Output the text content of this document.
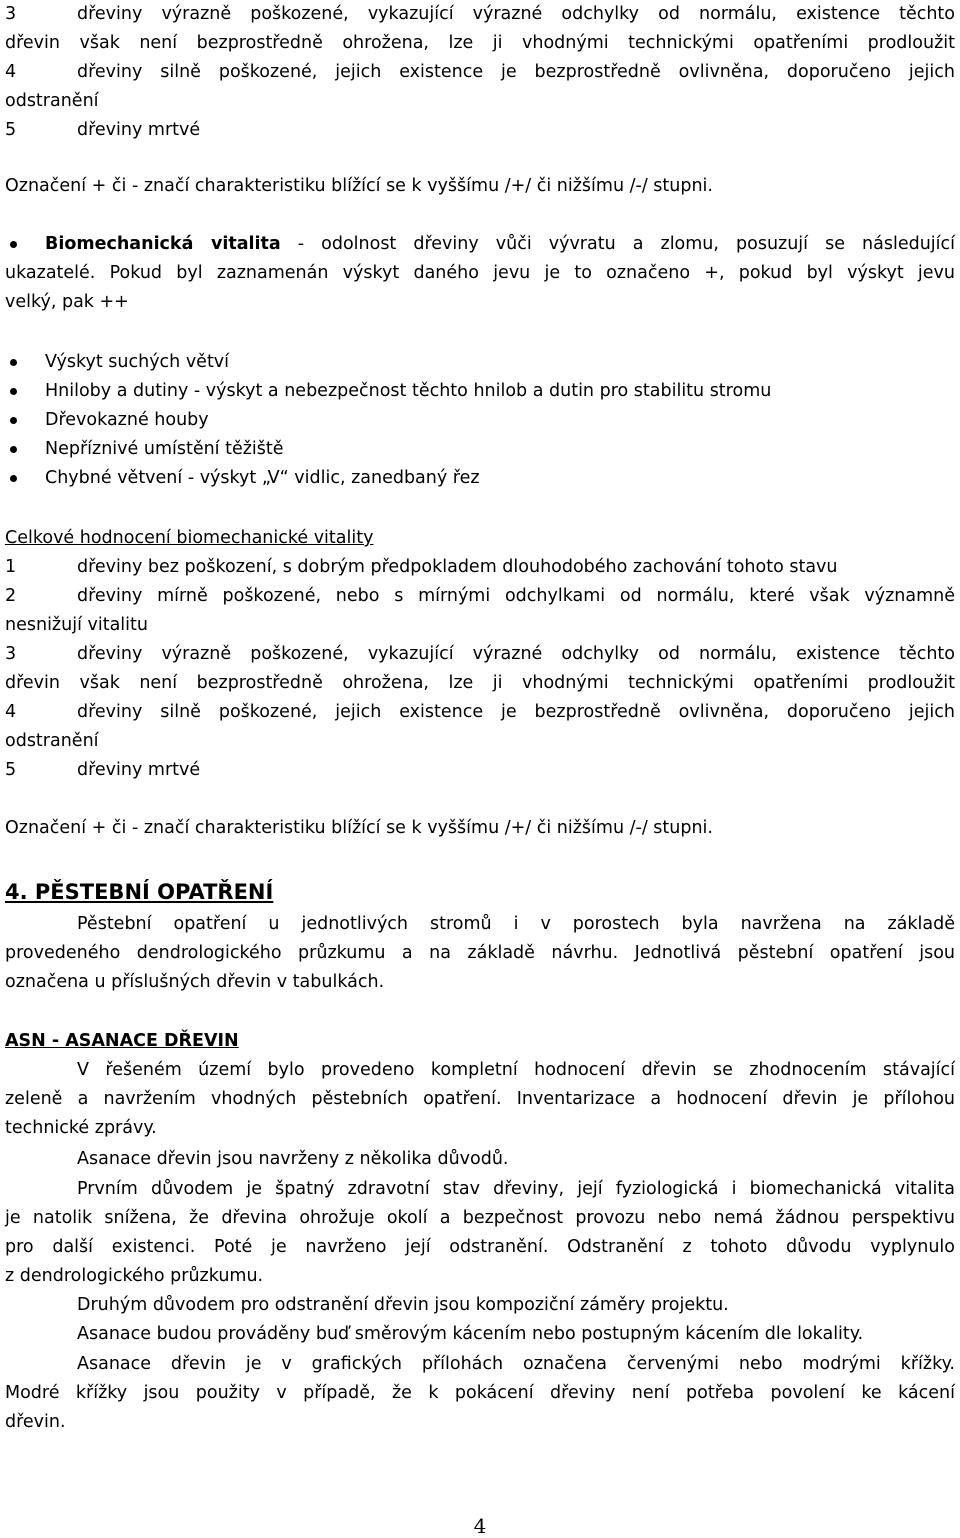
3	dřeviny výrazně poškozené, vykazující výrazné odchylky od normálu, existence těchto
dřevin však není bezprostředně ohrožena, lze ji vhodnými technickými opatřeními prodloužit
4	dřeviny silně poškozené, jejich existence je bezprostředně ovlivněna, doporučeno jejich
odstranění
5	dřeviny mrtvé
Označení + či - značí charakteristiku blížící se k vyššímu /+/ či nižšímu /-/ stupni.
Biomechanická vitalita - odolnost dřeviny vůči vývratu a zlomu, posuzují se následující
ukazatelé. Pokud byl zaznamenán výskyt daného jevu je to označeno +, pokud byl výskyt jevu
velký, pak ++
Výskyt suchých větví
Hniloby a dutiny - výskyt a nebezpečnost těchto hnilob a dutin pro stabilitu stromu
Dřevokazné houby
Nepříznivé umístění těžiště
Chybné větvení - výskyt „V“ vidlic, zanedbaný řez
Celkové hodnocení biomechanické vitality
1	dřeviny bez poškození, s dobrým předpokladem dlouhodobého zachování tohoto stavu
2	dřeviny mírně poškozené, nebo s mírnými odchylkami od normálu, které však významně
nesnižují vitalitu
3	dřeviny výrazně poškozené, vykazující výrazné odchylky od normálu, existence těchto
dřevin však není bezprostředně ohrožena, lze ji vhodnými technickými opatřeními prodloužit
4	dřeviny silně poškozené, jejich existence je bezprostředně ovlivněna, doporučeno jejich
odstranění
5	dřeviny mrtvé
Označení + či - značí charakteristiku blížící se k vyššímu /+/ či nižšímu /-/ stupni.
4. PĚSTEBNÍ OPATŘENÍ
Pěstební opatření u jednotlivých stromů i v porostech byla navržena na základě
provedeného dendrologického průzkumu a na základě návrhu. Jednotlivá pěstební opatření jsou
označena u příslušných dřevin v tabulkách.
ASN - ASANACE DŘEVIN
V řešeném území bylo provedeno kompletní hodnocení dřevin se zhodnocením stávající
zeleně a navržením vhodných pěstebních opatření. Inventarizace a hodnocení dřevin je přílohou
technické zprávy.
Asanace dřevin jsou navrženy z několika důvodů.
Prvním důvodem je špatný zdravotní stav dřeviny, její fyziologická i biomechanická vitalita
je natolik snížena, že dřevina ohrožuje okolí a bezpečnost provozu nebo nemá žádnou perspektivu
pro další existenci. Poté je navrženo její odstranění. Odstranění z tohoto důvodu vyplynulo
z dendrologického průzkumu.
Druhým důvodem pro odstranění dřevin jsou kompoziční záměry projektu.
Asanace budou prováděny buď směrovým kácením nebo postupným kácením dle lokality.
Asanace dřevin je v grafických přílohách označena červenými nebo modrými křížky.
Modré křížky jsou použity v případě, že k pokácení dřeviny není potřeba povolení ke kácení
dřevin.
4
